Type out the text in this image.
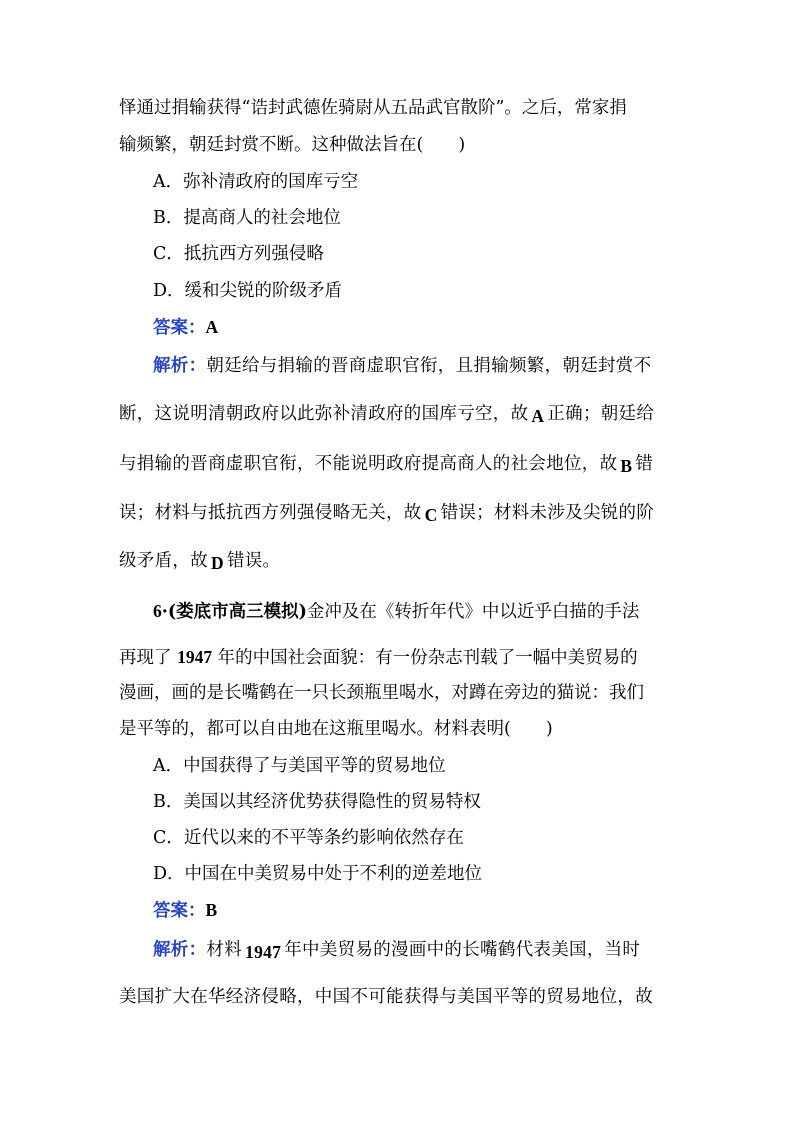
怿通过捐输获得“诰封武德佐骑尉从五品武官散阶”。之后，常家捐
输频繁，朝廷封赏不断。这种做法旨在(　　)
A．弥补清政府的国库亏空
B．提高商人的社会地位
C．抵抗西方列强侵略
D．缓和尖锐的阶级矛盾
答案：A
解析：朝廷给与捐输的晋商虚职官衔，且捐输频繁，朝廷封赏不
断，这说明清朝政府以此弥补清政府的国库亏空，故 A 正确；朝廷给
与捐输的晋商虚职官衔，不能说明政府提高商人的社会地位，故 B 错
误；材料与抵抗西方列强侵略无关，故 C 错误；材料未涉及尖锐的阶
级矛盾，故 D 错误。
6·(娄底市高三模拟)金冲及在《转折年代》中以近乎白描的手法
再现了 1947 年的中国社会面貌：有一份杂志刊载了一幅中美贸易的
漫画，画的是长嘴鹤在一只长颈瓶里喝水，对蹲在旁边的猫说：我们
是平等的，都可以自由地在这瓶里喝水。材料表明(　　)
A．中国获得了与美国平等的贸易地位
B．美国以其经济优势获得隐性的贸易特权
C．近代以来的不平等条约影响依然存在
D．中国在中美贸易中处于不利的逆差地位
答案：B
解析：材料 1947 年中美贸易的漫画中的长嘴鹤代表美国，当时
美国扩大在华经济侵略，中国不可能获得与美国平等的贸易地位，故
